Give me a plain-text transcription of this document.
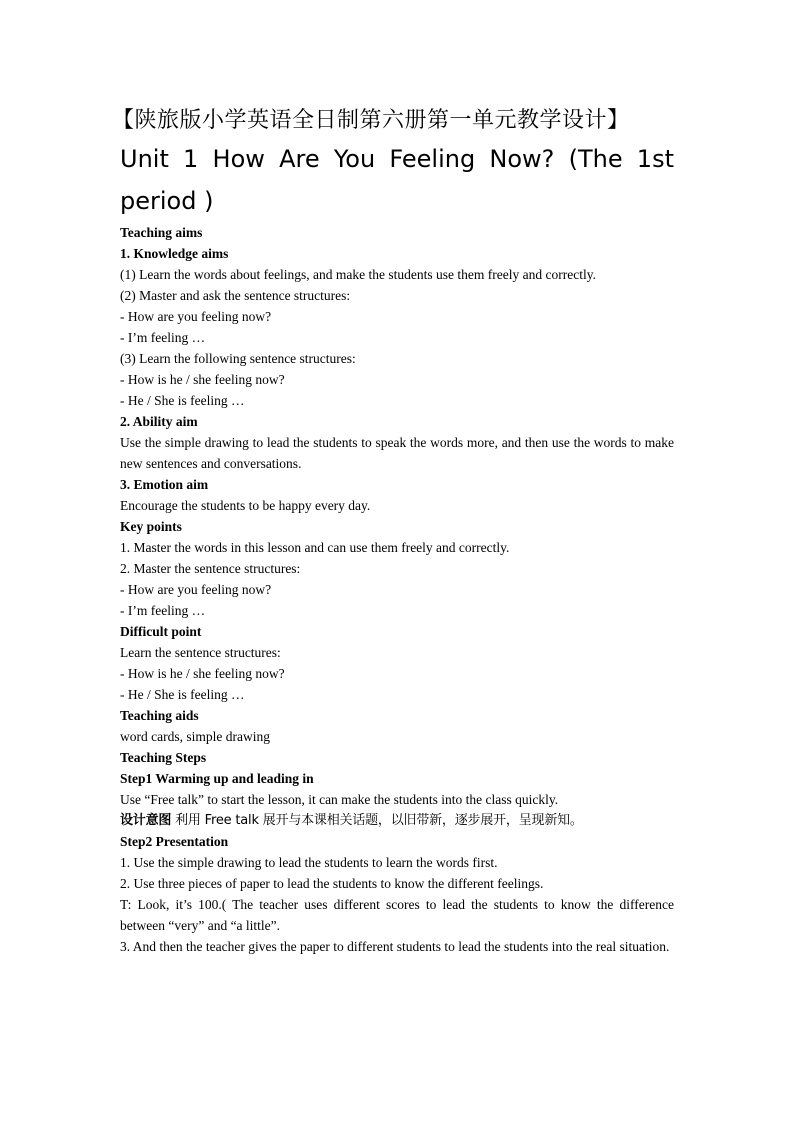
【陕旅版小学英语全日制第六册第一单元教学设计】
Unit 1 How Are You Feeling Now? (The 1st
period )

Teaching aims

1. Knowledge aims

(1) Learn the words about feelings, and make the students use them freely and correctly.

(2) Master and ask the sentence structures:

- How are you feeling now?

- I’m feeling …

(3) Learn the following sentence structures:

- How is he / she feeling now?

- He / She is feeling …

2. Ability aim

Use the simple drawing to lead the students to speak the words more, and then use the words to make new sentences and conversations.

3. Emotion aim

Encourage the students to be happy every day.

Key points

1. Master the words in this lesson and can use them freely and correctly.

2. Master the sentence structures:

- How are you feeling now?

- I’m feeling …

Difficult point

Learn the sentence structures:

- How is he / she feeling now?

- He / She is feeling …

Teaching aids

word cards, simple drawing

Teaching Steps

Step1 Warming up and leading in

Use “Free talk” to start the lesson, it can make the students into the class quickly.

设计意图 利用 Free talk 展开与本课相关话题，以旧带新，逐步展开，呈现新知。

Step2 Presentation

1. Use the simple drawing to lead the students to learn the words first.

2. Use three pieces of paper to lead the students to know the different feelings.

T: Look, it’s 100.( The teacher uses different scores to lead the students to know the difference between “very” and “a little”.

3. And then the teacher gives the paper to different students to lead the students into the real situation.
